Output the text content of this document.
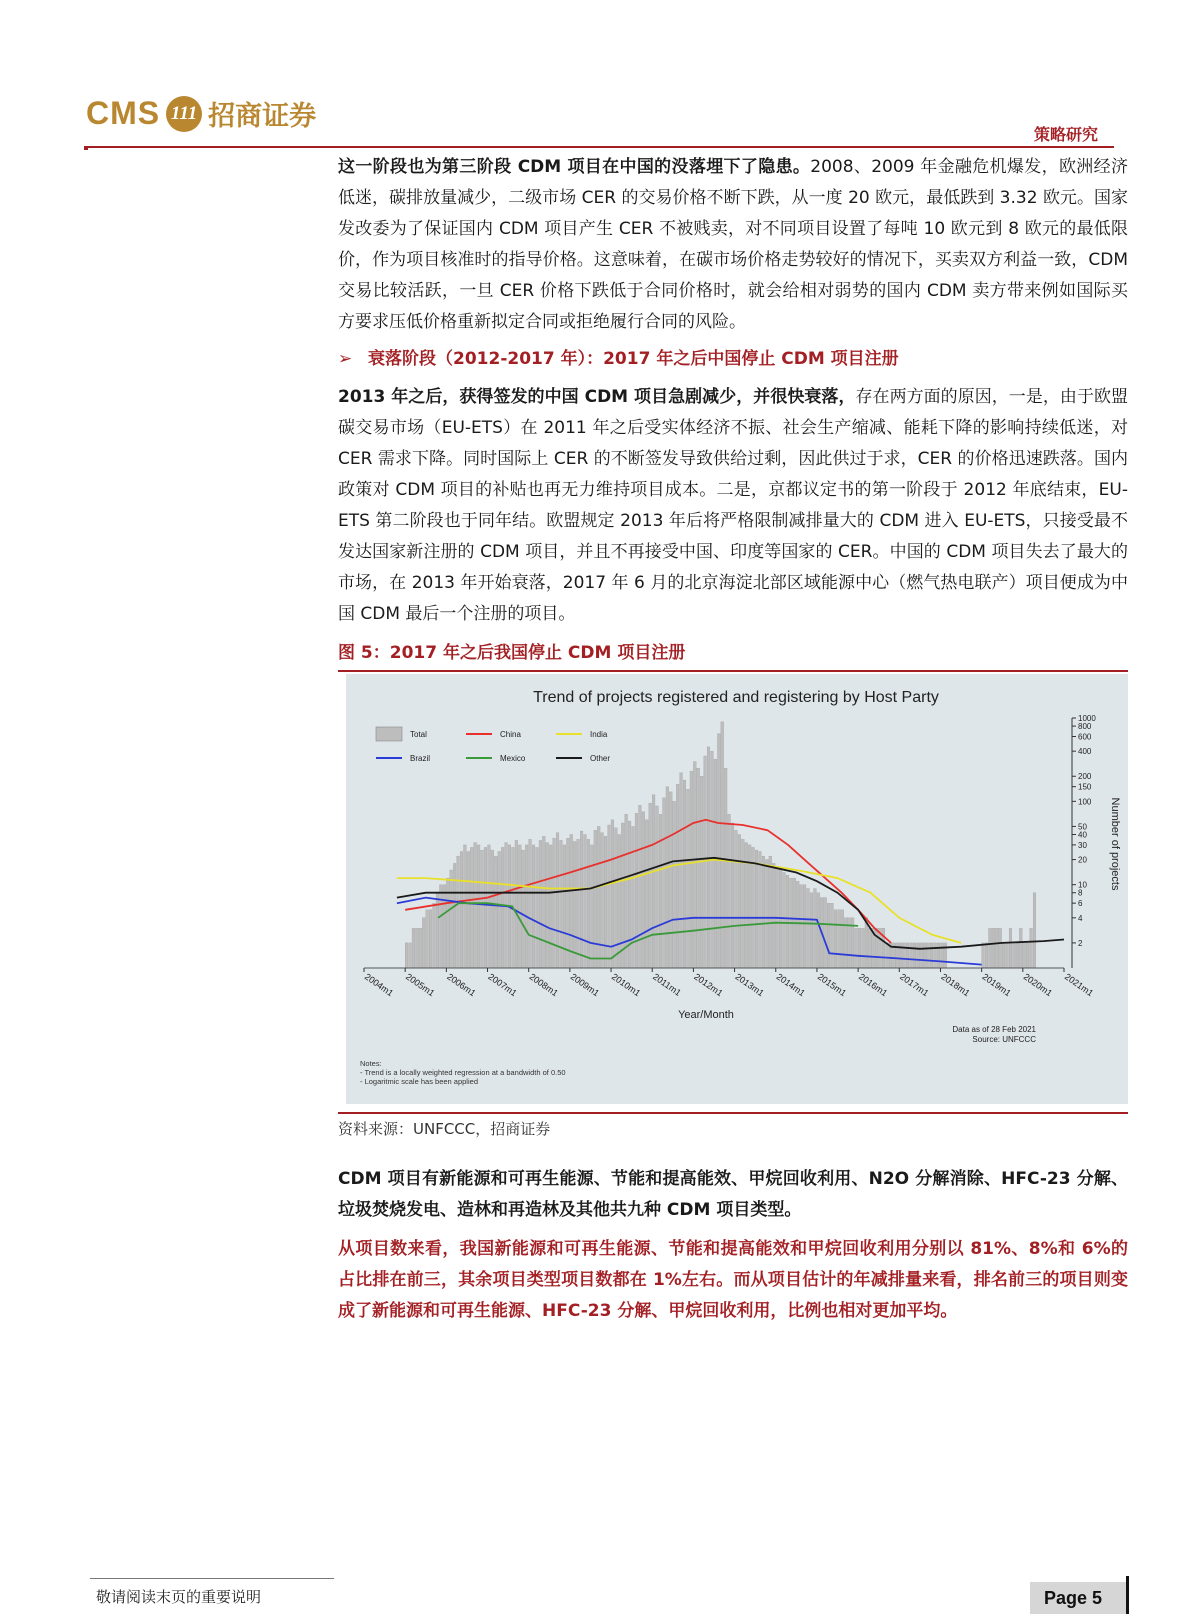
CMS 111 招商证券
策略研究

这一阶段也为第三阶段 CDM 项目在中国的没落埋下了隐患。2008、2009 年金融危机爆发，欧洲经济低迷，碳排放量减少，二级市场 CER 的交易价格不断下跌，从一度 20 欧元，最低跌到 3.32 欧元。国家发改委为了保证国内 CDM 项目产生 CER 不被贱卖，对不同项目设置了每吨 10 欧元到 8 欧元的最低限价，作为项目核准时的指导价格。这意味着，在碳市场价格走势较好的情况下，买卖双方利益一致，CDM 交易比较活跃，一旦 CER 价格下跌低于合同价格时，就会给相对弱势的国内 CDM 卖方带来例如国际买方要求压低价格重新拟定合同或拒绝履行合同的风险。

➢ 衰落阶段（2012-2017 年）：2017 年之后中国停止 CDM 项目注册

2013 年之后，获得签发的中国 CDM 项目急剧减少，并很快衰落，存在两方面的原因，一是，由于欧盟碳交易市场（EU-ETS）在 2011 年之后受实体经济不振、社会生产缩减、能耗下降的影响持续低迷，对 CER 需求下降。同时国际上 CER 的不断签发导致供给过剩，因此供过于求，CER 的价格迅速跌落。国内政策对 CDM 项目的补贴也再无力维持项目成本。二是，京都议定书的第一阶段于 2012 年底结束，EU-ETS 第二阶段也于同年结。欧盟规定 2013 年后将严格限制减排量大的 CDM 进入 EU-ETS，只接受最不发达国家新注册的 CDM 项目，并且不再接受中国、印度等国家的 CER。中国的 CDM 项目失去了最大的市场，在 2013 年开始衰落，2017 年 6 月的北京海淀北部区域能源中心（燃气热电联产）项目便成为中国 CDM 最后一个注册的项目。

图 5：2017 年之后我国停止 CDM 项目注册
Trend of projects registered and registering by Host Party
1000
800
600
400
200
150
100
50
40
30
20
10
8
6
4
2
2004m1 2005m1 2006m1 2007m1 2008m1 2009m1 2010m1 2011m1 2012m1 2013m1 2014m1 2015m1 2016m1 2017m1 2018m1 2019m1 2020m1 2021m1
Total	China	India
Brazil	Mexico	Other
Number of projects
Year/Month
Data as of 28 Feb 2021
Source: UNFCCC
Notes:
- Trend is a locally weighted regression at a bandwidth of 0.50
- Logaritmic scale has been applied
资料来源：UNFCCC，招商证券

CDM 项目有新能源和可再生能源、节能和提高能效、甲烷回收利用、N2O 分解消除、HFC-23 分解、垃圾焚烧发电、造林和再造林及其他共九种 CDM 项目类型。

从项目数来看，我国新能源和可再生能源、节能和提高能效和甲烷回收利用分别以 81%、8%和 6%的占比排在前三，其余项目类型项目数都在 1%左右。而从项目估计的年减排量来看，排名前三的项目则变成了新能源和可再生能源、HFC-23 分解、甲烷回收利用，比例也相对更加平均。

敬请阅读末页的重要说明	Page 5
